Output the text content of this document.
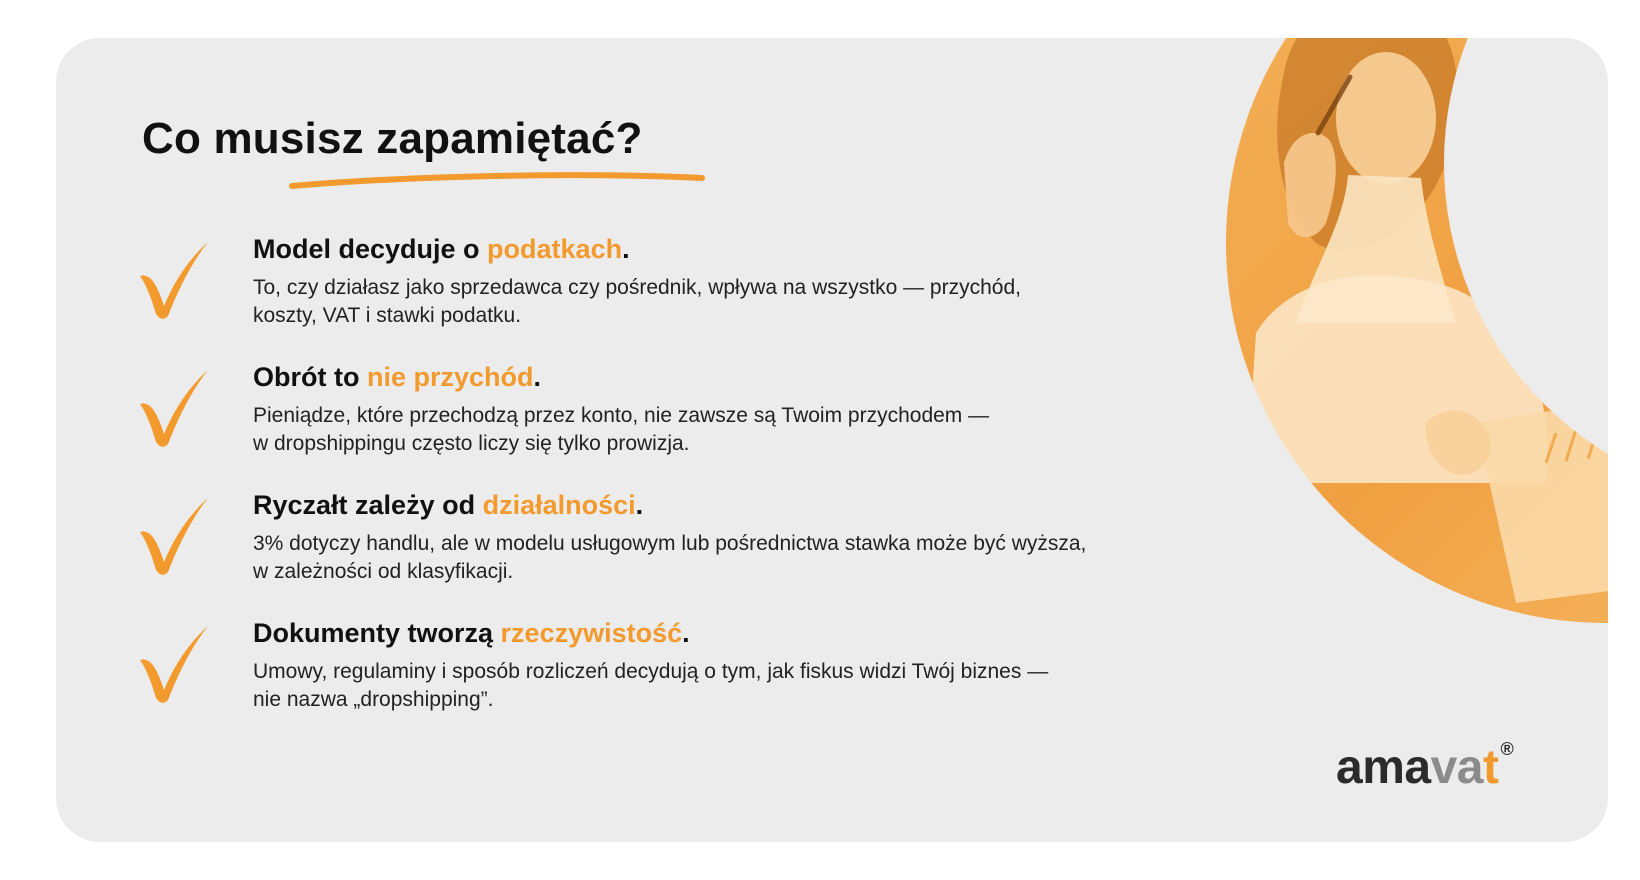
Co musisz zapamiętać?
Model decyduje o podatkach.

To, czy działasz jako sprzedawca czy pośrednik, wpływa na wszystko — przychód,
koszty, VAT i stawki podatku.

Obrót to nie przychód.

Pieniądze, które przechodzą przez konto, nie zawsze są Twoim przychodem —
w dropshippingu często liczy się tylko prowizja.

Ryczałt zależy od działalności.

3% dotyczy handlu, ale w modelu usługowym lub pośrednictwa stawka może być wyższa,
w zależności od klasyfikacji.

Dokumenty tworzą rzeczywistość.

Umowy, regulaminy i sposób rozliczeń decydują o tym, jak fiskus widzi Twój biznes —
nie nazwa „dropshipping”.

ama va t ®
